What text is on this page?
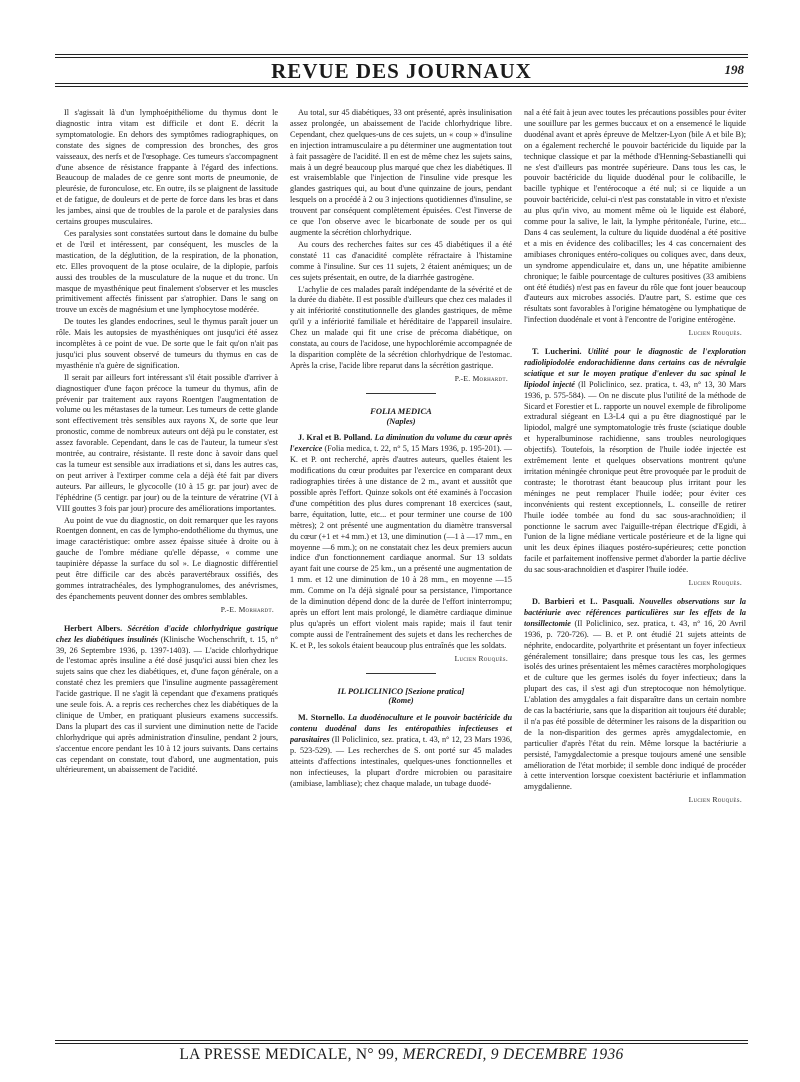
REVUE DES JOURNAUX	198

Il s'agissait là d'un lymphoépithéliome du thymus dont le diagnostic intra vitam est difficile et dont E. décrit la symptomatologie. En dehors des symptômes radiographiques, on constate des signes de compression des bronches, des gros vaisseaux, des nerfs et de l'œsophage. Ces tumeurs s'accompagnent d'une absence de résistance frappante à l'égard des infections. Beaucoup de malades de ce genre sont morts de pneumonie, de pleurésie, de furonculose, etc. En outre, ils se plaignent de lassitude et de fatigue, de douleurs et de perte de force dans les bras et dans les jambes, ainsi que de troubles de la parole et de paralysies dans certains groupes musculaires.

Ces paralysies sont constatées surtout dans le domaine du bulbe et de l'œil et intéressent, par conséquent, les muscles de la mastication, de la déglutition, de la respiration, de la phonation, etc. Elles provoquent de la ptose oculaire, de la diplopie, parfois aussi des troubles de la musculature de la nuque et du tronc. Un masque de myasthénique peut finalement s'observer et les muscles primitivement affectés finissent par s'atrophier. Dans le sang on trouve un excès de magnésium et une lymphocytose modérée.

De toutes les glandes endocrines, seul le thymus paraît jouer un rôle. Mais les autopsies de myasthéniques ont jusqu'ici été assez incomplètes à ce point de vue. De sorte que le fait qu'on n'ait pas jusqu'ici plus souvent observé de tumeurs du thymus en cas de myasthénie n'a guère de signification.

Il serait par ailleurs fort intéressant s'il était possible d'arriver à diagnostiquer d'une façon précoce la tumeur du thymus, afin de prévenir par traitement aux rayons Roentgen l'augmentation de volume ou les métastases de la tumeur. Les tumeurs de cette glande sont effectivement très sensibles aux rayons X, de sorte que leur pronostic, comme de nombreux auteurs ont déjà pu le constater, est assez favorable. Cependant, dans le cas de l'auteur, la tumeur s'est montrée, au contraire, résistante. Il reste donc à savoir dans quel cas la tumeur est sensible aux irradiations et si, dans les autres cas, on peut arriver à l'extirper comme cela a déjà été fait par divers auteurs. Par ailleurs, le glycocolle (10 à 15 gr. par jour) avec de l'éphédrine (5 centigr. par jour) ou de la teinture de vératrine (VI à VIII gouttes 3 fois par jour) procure des améliorations importantes.

Au point de vue du diagnostic, on doit remarquer que les rayons Roentgen donnent, en cas de lympho-endothéliome du thymus, une image caractéristique: ombre assez épaisse située à droite ou à gauche de l'ombre médiane qu'elle dépasse, « comme une taupinière dépasse la surface du sol ». Le diagnostic différentiel peut être difficile car des abcès paravertébraux ossifiés, des gommes intratrachéales, des lymphogranulomes, des anévrismes, des épanchements peuvent donner des ombres semblables.

P.-E. Morhardt.

Herbert Albers. Sécrétion d'acide chlorhydrique gastrique chez les diabétiques insulinés (Klinische Wochenschrift, t. 15, n° 39, 26 Septembre 1936, p. 1397-1403). — L'acide chlorhydrique de l'estomac après insuline a été dosé jusqu'ici aussi bien chez les sujets sains que chez les diabétiques, et, d'une façon générale, on a constaté chez les premiers que l'insuline augmente passagèrement l'acide gastrique. Il ne s'agit là cependant que d'examens pratiqués une seule fois. A. a repris ces recherches chez les diabétiques de la clinique de Umber, en pratiquant plusieurs examens successifs. Dans la plupart des cas il survient une diminution nette de l'acide chlorhydrique qui après administration d'insuline, pendant 2 jours, s'accentue encore pendant les 10 à 12 jours suivants. Dans certains cas cependant on constate, tout d'abord, une augmentation, puis ultérieurement, un abaissement de l'acidité.

Au total, sur 45 diabétiques, 33 ont présenté, après insulinisation assez prolongée, un abaissement de l'acide chlorhydrique libre. Cependant, chez quelques-uns de ces sujets, un « coup » d'insuline en injection intramusculaire a pu déterminer une augmentation tout à fait passagère de l'acidité. Il en est de même chez les sujets sains, mais à un degré beaucoup plus marqué que chez les diabétiques. Il est vraisemblable que l'injection de l'insuline vide presque les glandes gastriques qui, au bout d'une quinzaine de jours, pendant lesquels on a procédé à 2 ou 3 injections quotidiennes d'insuline, se trouvent par conséquent complètement épuisées. C'est l'inverse de ce que l'on observe avec le bicarbonate de soude per os qui augmente la sécrétion chlorhydrique.

Au cours des recherches faites sur ces 45 diabétiques il a été constaté 11 cas d'anacidité complète réfractaire à l'histamine comme à l'insuline. Sur ces 11 sujets, 2 étaient anémiques; un de ces sujets présentait, en outre, de la diarrhée gastrogène.

L'achylie de ces malades paraît indépendante de la sévérité et de la durée du diabète. Il est possible d'ailleurs que chez ces malades il y ait infériorité constitutionnelle des glandes gastriques, de même qu'il y a infériorité familiale et héréditaire de l'appareil insulaire. Chez un malade qui fit une crise de précoma diabétique, on constata, au cours de l'acidose, une hypochlorémie accompagnée de la disparition complète de la sécrétion chlorhydrique de l'estomac. Après la crise, l'acide libre reparut dans la sécrétion gastrique.

P.-E. Morhardt.
FOLIA MEDICA
(Naples)

J. Kral et B. Polland. La diminution du volume du cœur après l'exercice (Folia medica, t. 22, n° 5, 15 Mars 1936, p. 195-201). — K. et P. ont recherché, après d'autres auteurs, quelles étaient les modifications du cœur produites par l'exercice en comparant deux radiographies tirées à une distance de 2 m., avant et aussitôt que possible après l'effort. Quinze sokols ont été examinés à l'occasion d'une compétition des plus dures comprenant 18 exercices (saut, barre, équitation, lutte, etc... et pour terminer une course de 100 mètres); 2 ont présenté une augmentation du diamètre transversal du cœur (+1 et +4 mm.) et 13, une diminution (—1 à —17 mm., en moyenne —6 mm.); on ne constatait chez les deux premiers aucun indice d'un fonctionnement cardiaque anormal. Sur 13 soldats ayant fait une course de 25 km., un a présenté une augmentation de 1 mm. et 12 une diminution de 10 à 28 mm., en moyenne —15 mm. Comme on l'a déjà signalé pour sa persistance, l'importance de la diminution dépend donc de la durée de l'effort ininterrompu; après un effort lent mais prolongé, le diamètre cardiaque diminue plus qu'après un effort violent mais rapide; mais il faut tenir compte aussi de l'entraînement des sujets et dans les recherches de K. et P., les sokols étaient beaucoup plus entraînés que les soldats.

Lucien Rouquès.
IL POLICLINICO [Sezione pratica]
(Rome)

M. Stornello. La duodénoculture et le pouvoir bactéricide du contenu duodénal dans les entéropathies infectieuses et parasitaires (Il Policlinico, sez. pratica, t. 43, n° 12, 23 Mars 1936, p. 523-529). — Les recherches de S. ont porté sur 45 malades atteints d'affections intestinales, quelques-unes fonctionnelles et non infectieuses, la plupart d'ordre microbien ou parasitaire (amibiase, lambliase); chez chaque malade, un tubage duodé-

nal a été fait à jeun avec toutes les précautions possibles pour éviter une souillure par les germes buccaux et on a ensemencé le liquide duodénal avant et après épreuve de Meltzer-Lyon (bile A et bile B); on a également recherché le pouvoir bactéricide du liquide par la technique classique et par la méthode d'Henning-Sebastianelli qui ne s'est d'ailleurs pas montrée supérieure. Dans tous les cas, le pouvoir bactéricide du liquide duodénal pour le colibacille, le bacille typhique et l'entérocoque a été nul; si ce liquide a un pouvoir bactéricide, celui-ci n'est pas constatable in vitro et n'existe au plus qu'in vivo, au moment même où le liquide est élaboré, comme pour la salive, le lait, la lymphe péritonéale, l'urine, etc... Dans 4 cas seulement, la culture du liquide duodénal a été positive et a mis en évidence des colibacilles; les 4 cas concernaient des amibiases chroniques entéro-coliques ou coliques avec, dans deux, un syndrome appendiculaire et, dans un, une hépatite amibienne chronique; le faible pourcentage de cultures positives (33 amibiens ont été étudiés) n'est pas en faveur du rôle que font jouer beaucoup d'auteurs aux microbes associés. D'autre part, S. estime que ces résultats sont favorables à l'origine hématogène ou lymphatique de l'infection duodénale et vont à l'encontre de l'origine entérogène.

Lucien Rouquès.

T. Lucherini. Utilité pour le diagnostic de l'exploration radiolipiodolée endorachidienne dans certains cas de névralgie sciatique et sur le moyen pratique d'enlever du sac spinal le lipiodol injecté (Il Policlinico, sez. pratica, t. 43, n° 13, 30 Mars 1936, p. 575-584). — On ne discute plus l'utilité de la méthode de Sicard et Forestier et L. rapporte un nouvel exemple de fibrolipome extradural siégeant en L3-L4 qui a pu être diagnostiqué par le lipiodol, malgré une symptomatologie très fruste (sciatique double et hyperalbuminose rachidienne, sans troubles neurologiques objectifs). Toutefois, la résorption de l'huile iodée injectée est extrêmement lente et quelques observations montrent qu'une irritation méningée chronique peut être provoquée par le produit de contraste; le thorotrast étant beaucoup plus irritant pour les méninges ne peut remplacer l'huile iodée; pour éviter ces inconvénients qui restent exceptionnels, L. conseille de retirer l'huile iodée tombée au fond du sac sous-arachnoïdien; il ponctionne le sacrum avec l'aiguille-trépan électrique d'Egidi, à l'union de la ligne médiane verticale postérieure et de la ligne qui unit les deux épines iliaques postéro-supérieures; cette ponction facile et parfaitement inoffensive permet d'aborder la partie déclive du sac sous-arachnoïdien et d'aspirer l'huile iodée.

Lucien Rouquès.

D. Barbieri et L. Pasquali. Nouvelles observations sur la bactériurie avec références particulières sur les effets de la tonsillectomie (Il Policlinico, sez. pratica, t. 43, n° 16, 20 Avril 1936, p. 720-726). — B. et P. ont étudié 21 sujets atteints de néphrite, endocardite, polyarthrite et présentant un foyer infectieux généralement tonsillaire; dans presque tous les cas, les germes isolés des urines présentaient les mêmes caractères morphologiques et de culture que les germes isolés du foyer infectieux; dans la plupart des cas, il s'est agi d'un streptocoque non hémolytique. L'ablation des amygdales a fait disparaître dans un certain nombre de cas la bactériurie, sans que la disparition ait toujours été durable; il n'a pas été possible de déterminer les raisons de la disparition ou de la non-disparition des germes après amygdalectomie, en particulier d'après l'état du rein. Même lorsque la bactériurie a persisté, l'amygdalectomie a presque toujours amené une sensible amélioration de l'état morbide; il semble donc indiqué de procéder à cette intervention lorsque coexistent bactériurie et inflammation amygdalienne.

Lucien Rouquès.
LA PRESSE MEDICALE, N° 99, MERCREDI, 9 DECEMBRE 1936
